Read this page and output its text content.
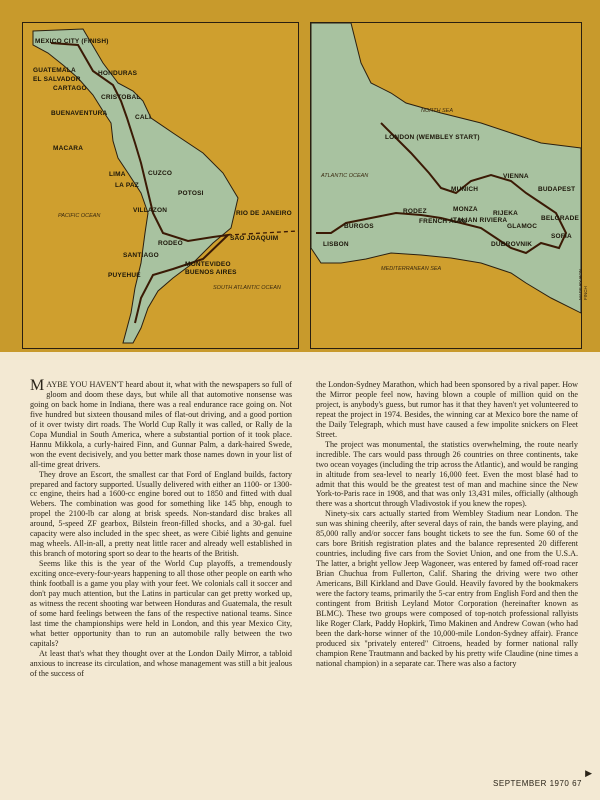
MEXICO CITY (FINISH)
GUATEMALA
EL SALVADOR
HONDURAS
CARTAGO
CRISTOBAL
BUENAVENTURA
CALI
MACARA
LIMA	CUZCO
LA PAZ
POTOSI
VILLAZON	RIO DE JANEIRO
RODEO
SAO JOAQUIM
SANTIAGO
MONTEVIDEO
BUENOS AIRES
PUYEHUE
PACIFIC OCEAN
SOUTH ATLANTIC OCEAN
LONDON (WEMBLEY START)
MUNICH
VIENNA
BUDAPEST
RODEZ	MONZA
RIJEKA
BELGRADE
BURGOS
FRENCH ALPS
ITALIAN RIVIERA
GLAMOC
SOFIA
LISBON	DUBROVNIK
NORTH SEA
ATLANTIC OCEAN
MEDITERRANEAN SEA	MAPS BY RON FINCH

MAYBE YOU HAVEN'T heard about it, what with the newspapers so full of gloom and doom these days, but while all that automotive nonsense was going on back home in Indiana, there was a real endurance race going on. Not five hundred but sixteen thousand miles of flat-out driving, and a good portion of it over twisty dirt roads. The World Cup Rally it was called, or Rally de la Copa Mundial in South America, where a substantial portion of it took place. Hannu Mikkola, a curly-haired Finn, and Gunnar Palm, a dark-haired Swede, won the event decisively, and you better mark those names down in your list of all-time great drivers.

They drove an Escort, the smallest car that Ford of England builds, factory prepared and factory supported. Usually delivered with either an 1100- or 1300-cc engine, theirs had a 1600-cc engine bored out to 1850 and fitted with dual Webers. The combination was good for something like 145 bhp, enough to propel the 2100-lb car along at brisk speeds. Non-standard disc brakes all around, 5-speed ZF gearbox, Bilstein freon-filled shocks, and a 30-gal. fuel capacity were also included in the spec sheet, as were Cibié lights and genuine mag wheels. All-in-all, a pretty neat little racer and already well established in this branch of motoring sport so dear to the hearts of the British.

Seems like this is the year of the World Cup playoffs, a tremendously exciting once-every-four-years happening to all those other people on earth who think football is a game you play with your feet. We colonials call it soccer and don't pay much attention, but the Latins in particular can get pretty worked up, as witness the recent shooting war between Honduras and Guatemala, the result of some hard feelings between the fans of the respective national teams. Since last time the championships were held in London, and this year Mexico City, what better opportunity than to run an automobile rally between the two capitals?

At least that's what they thought over at the London Daily Mirror, a tabloid anxious to increase its circulation, and whose management was still a bit jealous of the success of

the London-Sydney Marathon, which had been sponsored by a rival paper. How the Mirror people feel now, having blown a couple of million quid on the project, is anybody's guess, but rumor has it that they haven't yet volunteered to repeat the project in 1974. Besides, the winning car at Mexico bore the name of the Daily Telegraph, which must have caused a few impolite snickers on Fleet Street.

The project was monumental, the statistics overwhelming, the route nearly incredible. The cars would pass through 26 countries on three continents, take two ocean voyages (including the trip across the Atlantic), and would be ranging in altitude from sea-level to nearly 16,000 feet. Even the most blasé had to admit that this would be the greatest test of man and machine since the New York-to-Paris race in 1908, and that was only 13,431 miles, officially (although there was a shortcut through Vladivostok if you knew the ropes).

Ninety-six cars actually started from Wembley Stadium near London. The sun was shining cheerily, after several days of rain, the bands were playing, and 85,000 rally and/or soccer fans bought tickets to see the fun. Some 60 of the cars bore British registration plates and the balance represented 20 different countries, including five cars from the Soviet Union, and one from the U.S.A. The latter, a bright yellow Jeep Wagoneer, was entered by famed off-road racer Brian Chuchua from Fullerton, Calif. Sharing the driving were two other Americans, Bill Kirkland and Dave Gould. Heavily favored by the bookmakers were the factory teams, primarily the 5-car entry from English Ford and then the contingent from British Leyland Motor Corporation (hereinafter known as BLMC). These two groups were composed of top-notch professional rallyists like Roger Clark, Paddy Hopkirk, Timo Makinen and Andrew Cowan (who had been the dark-horse winner of the 10,000-mile London-Sydney affair). France produced six "privately entered" Citroens, headed by former national rally champion Rene Trautmann and backed by his pretty wife Claudine (nine times a national champion) in a separate car. There was also a factory

▶
SEPTEMBER 1970 67
